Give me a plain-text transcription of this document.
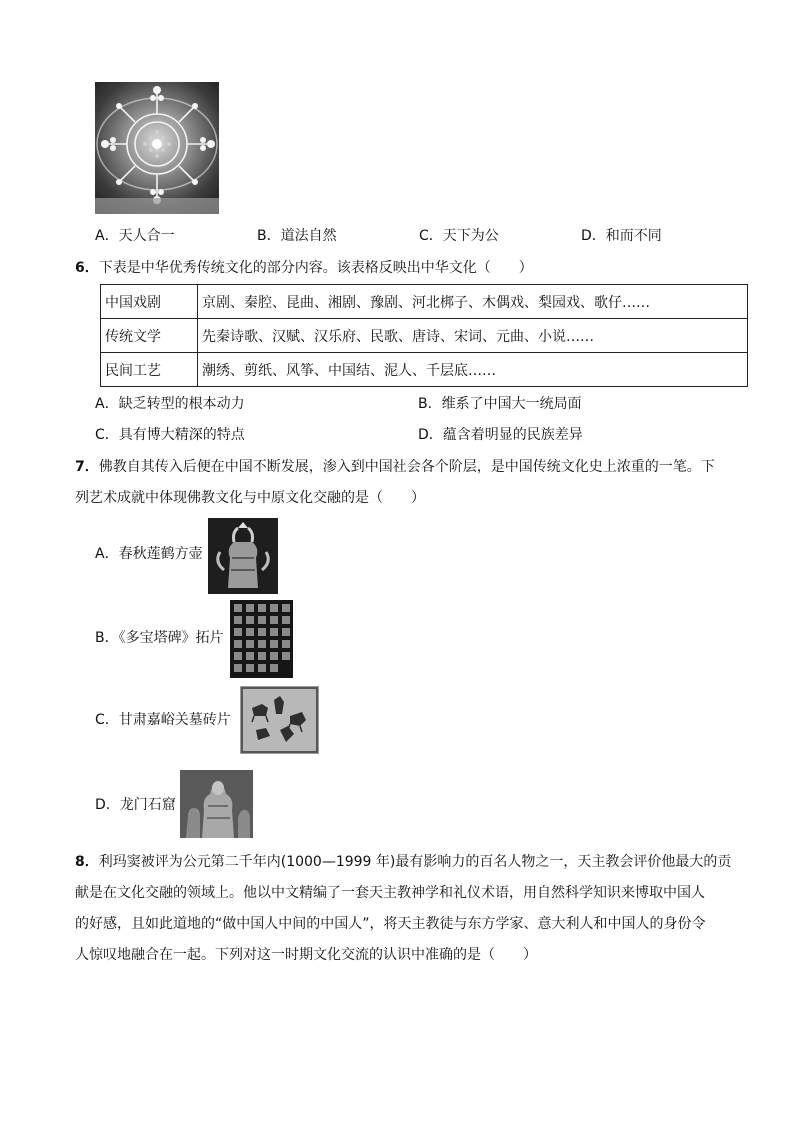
A．天人合一	B．道法自然	C．天下为公	D．和而不同
6．下表是中华优秀传统文化的部分内容。该表格反映出中华文化（　　）
中国戏剧	京剧、秦腔、昆曲、湘剧、豫剧、河北梆子、木偶戏、梨园戏、歌仔……
传统文学	先秦诗歌、汉赋、汉乐府、民歌、唐诗、宋词、元曲、小说……
民间工艺	潮绣、剪纸、风筝、中国结、泥人、千层底……
A．缺乏转型的根本动力	B．维系了中国大一统局面
C．具有博大精深的特点	D．蕴含着明显的民族差异
7．佛教自其传入后便在中国不断发展，渗入到中国社会各个阶层，是中国传统文化史上浓重的一笔。下
列艺术成就中体现佛教文化与中原文化交融的是（　　）
A．春秋莲鹤方壶
B．《多宝塔碑》拓片
C．甘肃嘉峪关墓砖片
D．龙门石窟
8．利玛窦被评为公元第二千年内(1000—1999 年)最有影响力的百名人物之一，天主教会评价他最大的贡
献是在文化交融的领域上。他以中文精编了一套天主教神学和礼仪术语，用自然科学知识来博取中国人
的好感，且如此道地的“做中国人中间的中国人”，将天主教徒与东方学家、意大利人和中国人的身份令
人惊叹地融合在一起。下列对这一时期文化交流的认识中准确的是（　　）
